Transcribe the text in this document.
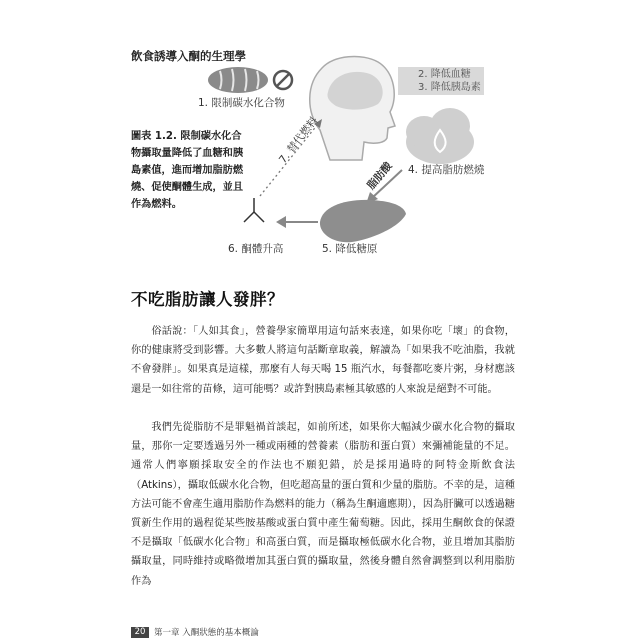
7. 替代燃料
脂肪酸
飲食誘導入酮的生理學
1. 限制碳水化合物
2. 降低血糖
3. 降低胰島素
4. 提高脂肪燃燒
5. 降低糖原
6. 酮體升高
圖表 1.2. 限制碳水化合物攝取量降低了血糖和胰島素值，進而增加脂肪燃燒、促使酮體生成，並且作為燃料。
不吃脂肪讓人發胖？

俗話說：「人如其食」，營養學家簡單用這句話來表達，如果你吃「壞」的食物，你的健康將受到影響。大多數人將這句話斷章取義，解讀為「如果我不吃油脂，我就不會發胖」。如果真是這樣，那麼有人每天喝 15 瓶汽水，每餐都吃麥片粥，身材應該還是一如往常的苗條，這可能嗎？或許對胰島素極其敏感的人來說是絕對不可能。

我們先從脂肪不是罪魁禍首談起，如前所述，如果你大幅減少碳水化合物的攝取量，那你一定要透過另外一種或兩種的營養素（脂肪和蛋白質）來彌補能量的不足。通常人們寧願採取安全的作法也不願犯錯，於是採用過時的阿特金斯飲食法（Atkins），攝取低碳水化合物，但吃超高量的蛋白質和少量的脂肪。不幸的是，這種方法可能不會產生適用脂肪作為燃料的能力（稱為生酮適應期），因為肝臟可以透過糖質新生作用的過程從某些胺基酸或蛋白質中產生葡萄糖。因此，採用生酮飲食的保證不是攝取「低碳水化合物」和高蛋白質，而是攝取極低碳水化合物，並且增加其脂肪攝取量，同時維持或略微增加其蛋白質的攝取量，然後身體自然會調整到以利用脂肪作為

20	第一章 入酮狀態的基本概論
